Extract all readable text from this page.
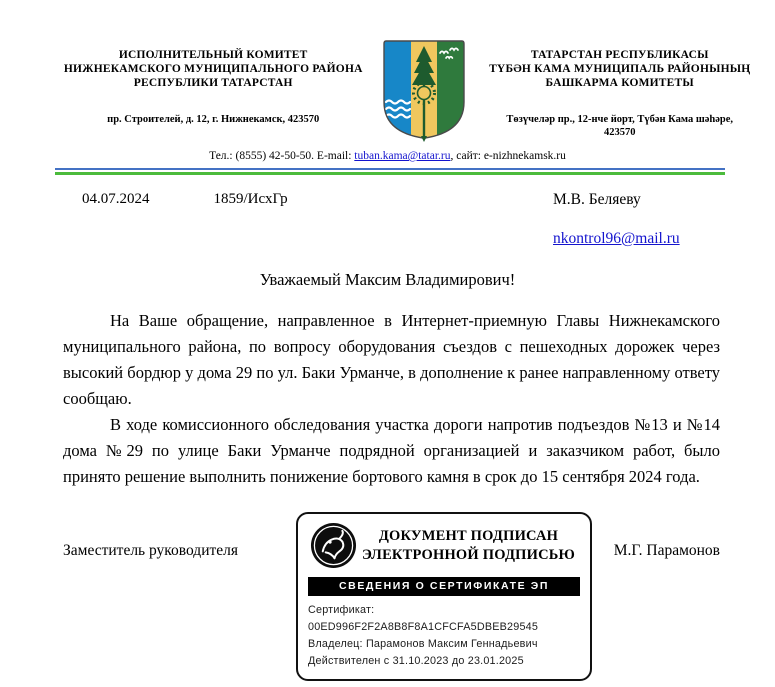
ИСПОЛНИТЕЛЬНЫЙ КОМИТЕТ
НИЖНЕКАМСКОГО МУНИЦИПАЛЬНОГО РАЙОНА
РЕСПУБЛИКИ ТАТАРСТАН
пр. Строителей, д. 12, г. Нижнекамск, 423570
ТАТАРСТАН РЕСПУБЛИКАСЫ
ТҮБӘН КАМА МУНИЦИПАЛЬ РАЙОНЫНЫҢ
БАШКАРМА КОМИТЕТЫ
Төзүчеләр пр., 12-нче йорт, Түбән Кама шәһәре, 423570
Тел.: (8555) 42-50-50. E-mail: tuban.kama@tatar.ru, сайт: e-nizhnekamsk.ru
04.07.2024	1859/ИсхГр	М.В. Беляеву
nkontrol96@mail.ru
Уважаемый Максим Владимирович!

На Ваше обращение, направленное в Интернет-приемную Главы Нижнекамского муниципального района, по вопросу оборудования съездов с пешеходных дорожек через высокий бордюр у дома 29 по ул. Баки Урманче, в дополнение к ранее направленному ответу сообщаю.

В ходе комиссионного обследования участка дороги напротив подъездов №13 и №14 дома №29 по улице Баки Урманче подрядной организацией и заказчиком работ, было принято решение выполнить понижение бортового камня в срок до 15 сентября 2024 года.

Заместитель руководителя
ДОКУМЕНТ ПОДПИСАН
ЭЛЕКТРОННОЙ ПОДПИСЬЮ
СВЕДЕНИЯ О СЕРТИФИКАТЕ ЭП
Сертификат: 00ED996F2F2A8B8F8A1CFCFA5DBEB29545
Владелец: Парамонов Максим Геннадьевич
Действителен с 31.10.2023 до 23.01.2025
М.Г. Парамонов
